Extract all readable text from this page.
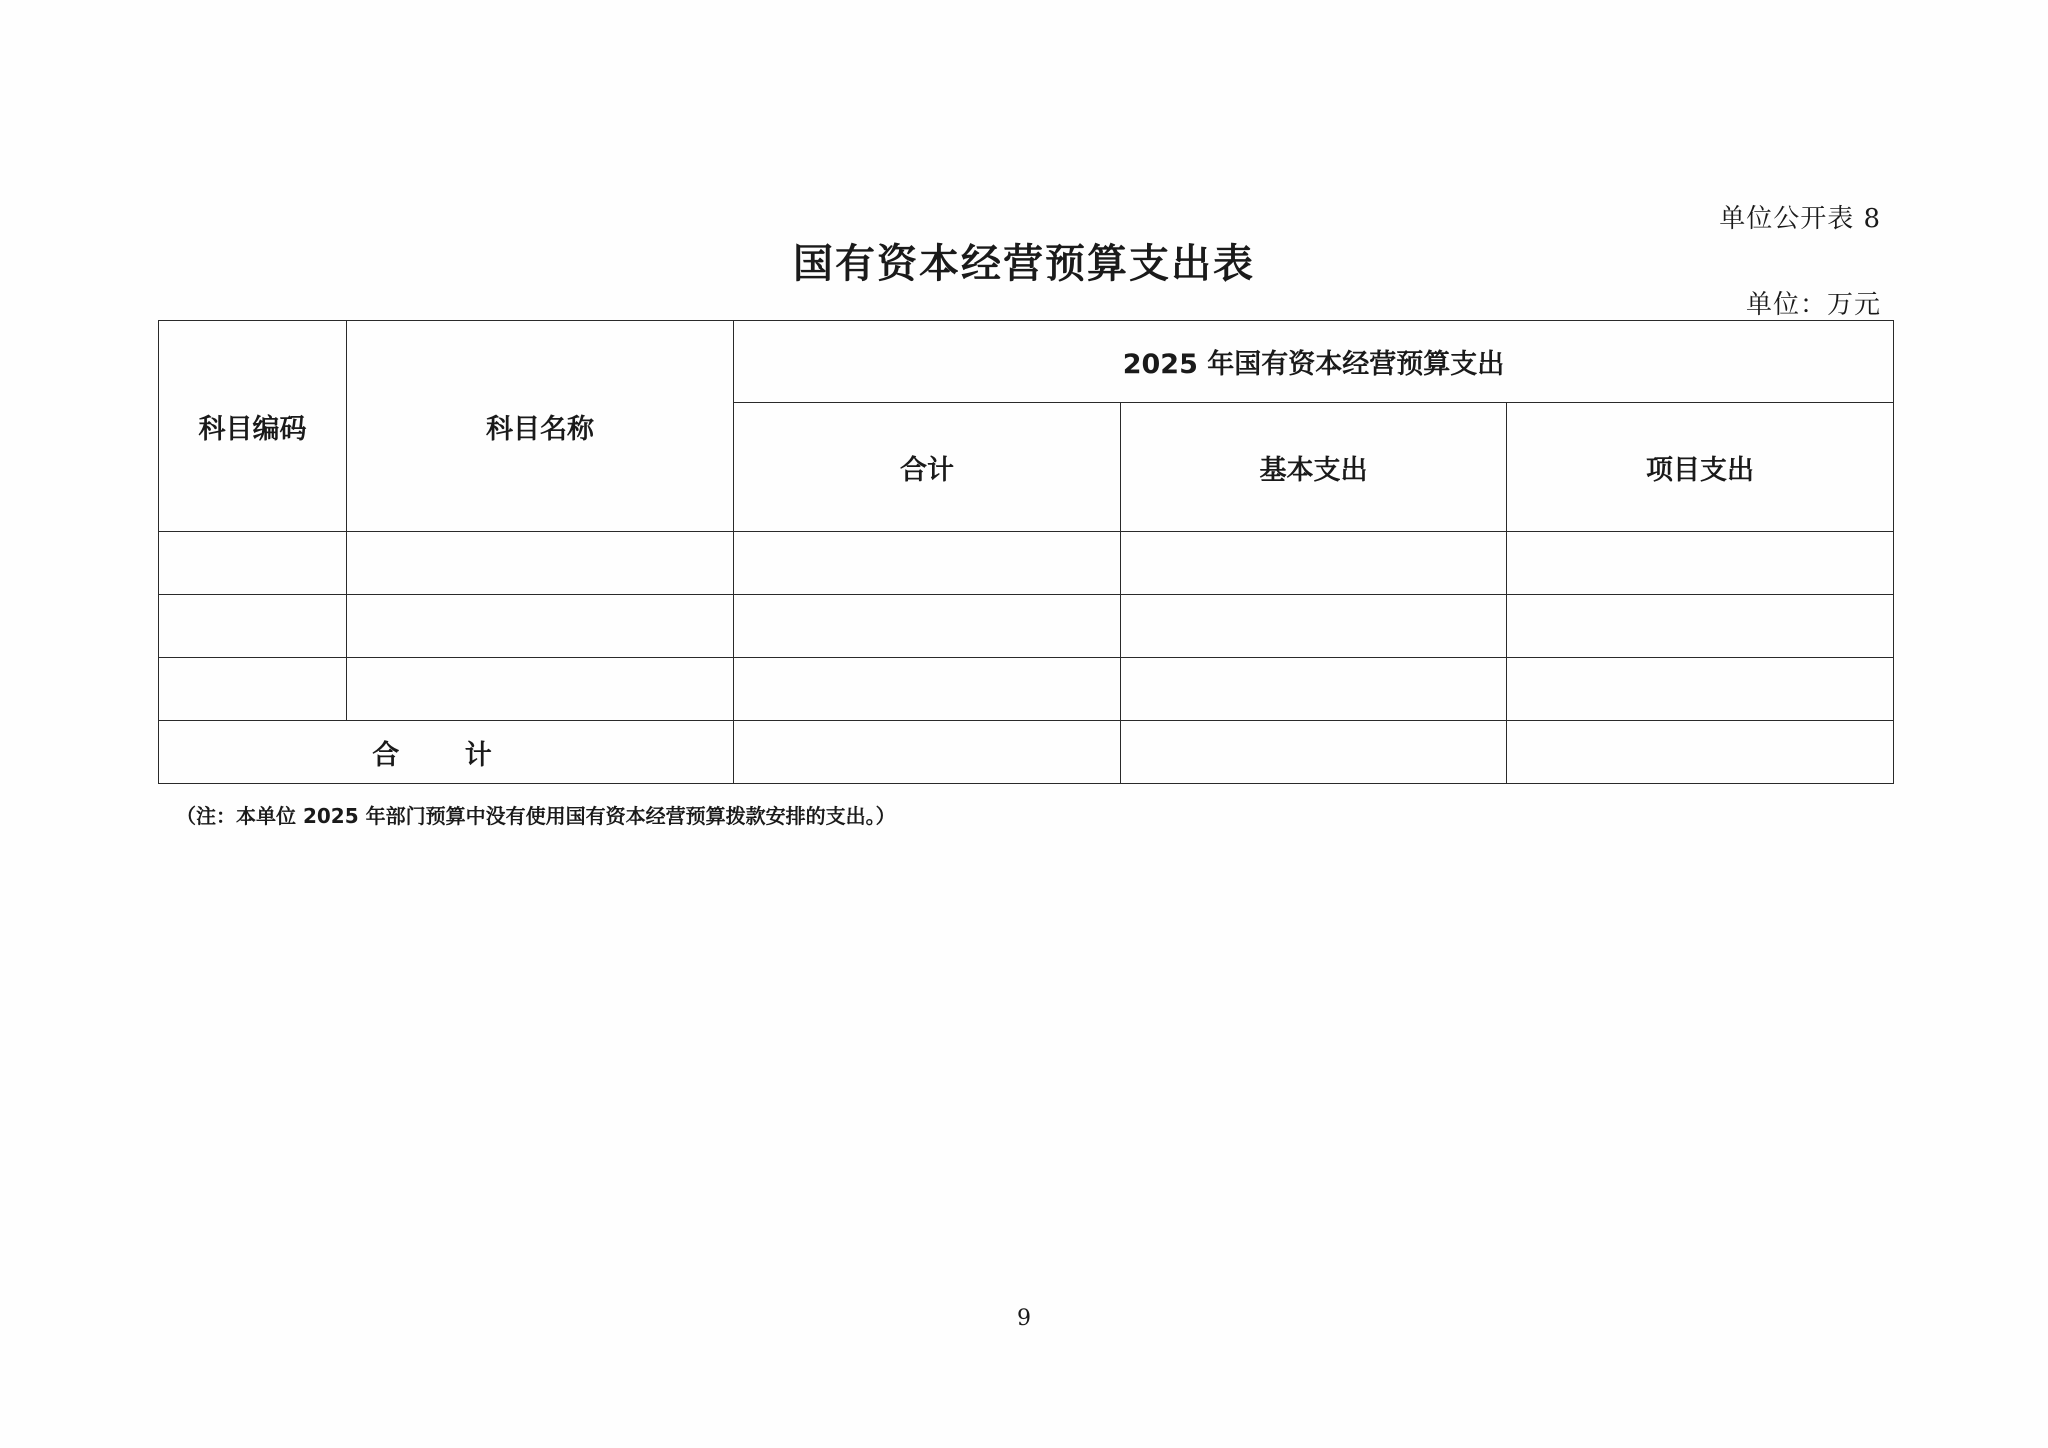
单位公开表 8
国有资本经营预算支出表
单位：万元
科目编码	科目名称	2025 年国有资本经营预算支出		
		合计	基本支出	项目支出

合 计				
（注：本单位 2025 年部门预算中没有使用国有资本经营预算拨款安排的支出。）
9
